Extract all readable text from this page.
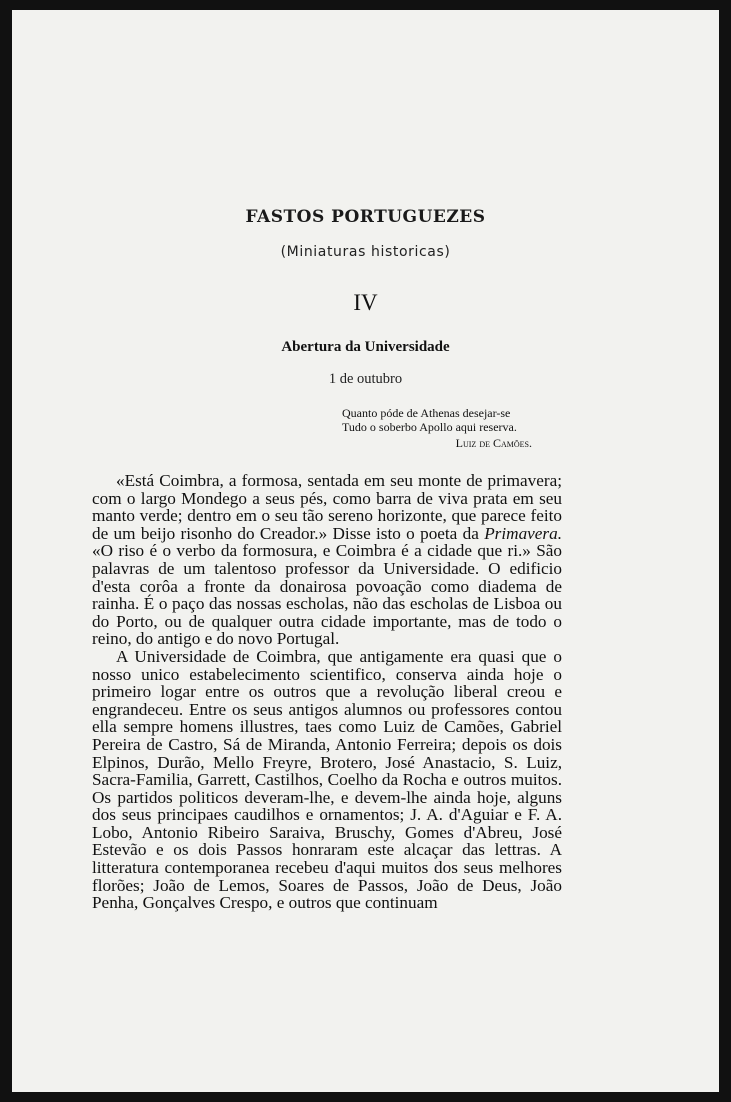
FASTOS PORTUGUEZES
(Miniaturas historicas)
IV
Abertura da Universidade
1 de outubro
Quanto póde de Athenas desejar-se
Tudo o soberbo Apollo aqui reserva.
Luiz de Camões.

«Está Coimbra, a formosa, sentada em seu monte de primavera; com o largo Mondego a seus pés, como barra de viva prata em seu manto verde; dentro em o seu tão sereno horizonte, que parece feito de um beijo risonho do Creador.» Disse isto o poeta da Primavera. «O riso é o verbo da formosura, e Coimbra é a cidade que ri.» São palavras de um talentoso professor da Universidade. O edificio d'esta corôa a fronte da donairosa povoação como diadema de rainha. É o paço das nossas escholas, não das escholas de Lisboa ou do Porto, ou de qualquer outra cidade importante, mas de todo o reino, do antigo e do novo Portugal.

A Universidade de Coimbra, que antigamente era quasi que o nosso unico estabelecimento scientifico, conserva ainda hoje o primeiro logar entre os outros que a revolução liberal creou e engrandeceu. Entre os seus antigos alumnos ou professores contou ella sempre homens illustres, taes como Luiz de Camões, Gabriel Pereira de Castro, Sá de Miranda, Antonio Ferreira; depois os dois Elpinos, Durão, Mello Freyre, Brotero, José Anastacio, S. Luiz, Sacra-Familia, Garrett, Castilhos, Coelho da Rocha e outros muitos. Os partidos politicos deveram-lhe, e devem-lhe ainda hoje, alguns dos seus principaes caudilhos e ornamentos; J. A. d'Aguiar e F. A. Lobo, Antonio Ribeiro Saraiva, Bruschy, Gomes d'Abreu, José Estevão e os dois Passos honraram este alcaçar das lettras. A litteratura contemporanea recebeu d'aqui muitos dos seus melhores florões; João de Lemos, Soares de Passos, João de Deus, João Penha, Gonçalves Crespo, e outros que continuam
